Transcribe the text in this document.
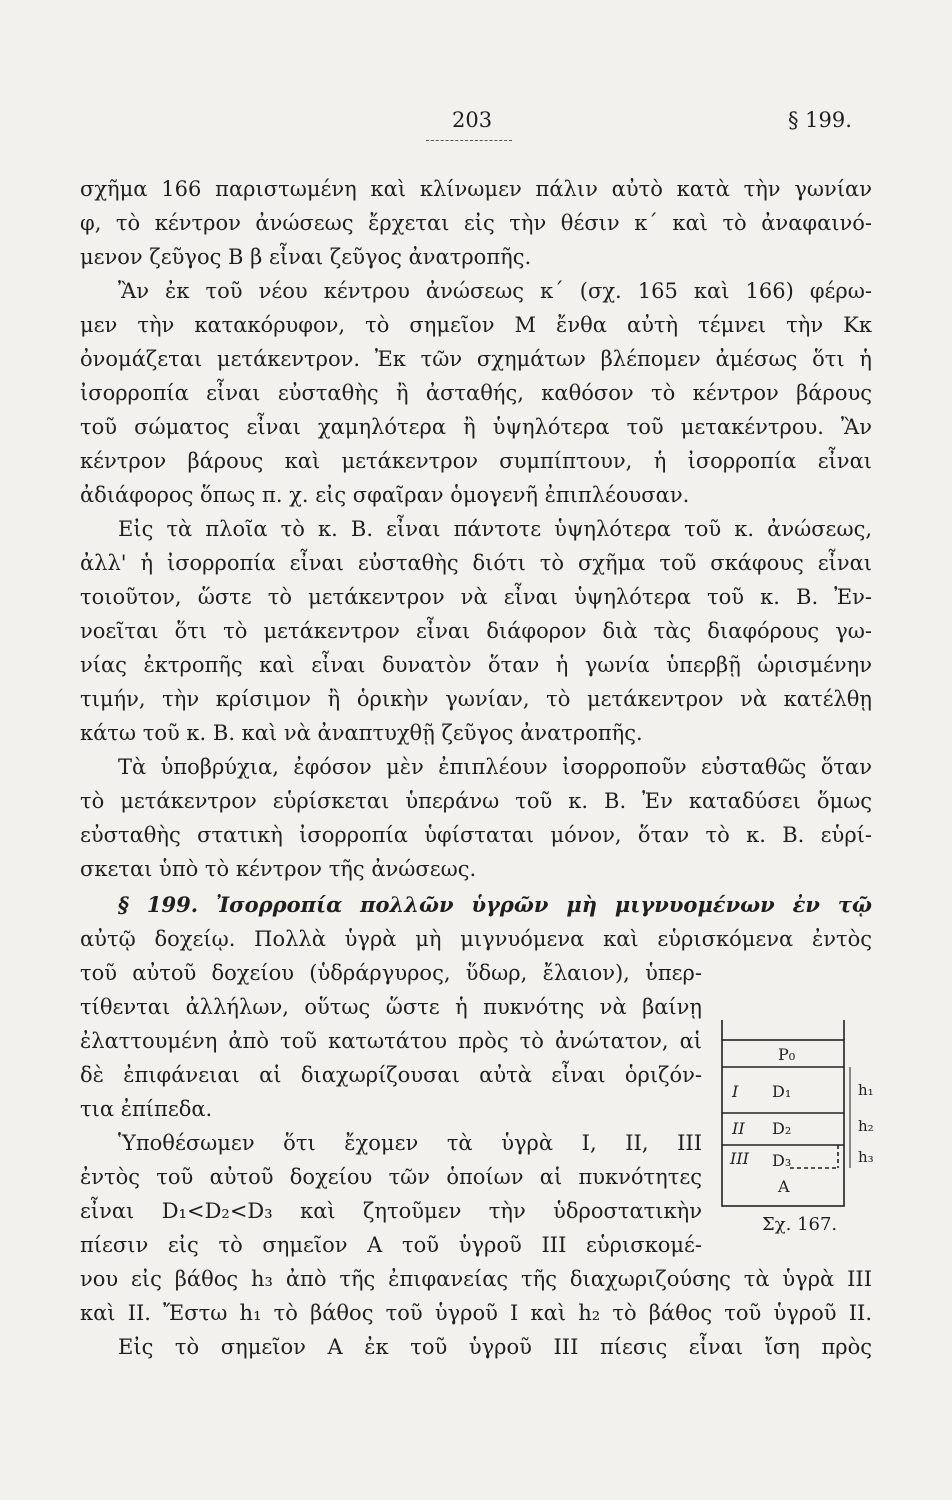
203	§ 199.
σχῆμα 166 παριστωμένη καὶ κλίνωμεν πάλιν αὐτὸ κατὰ τὴν γωνίαν
φ, τὸ κέντρον ἀνώσεως ἔρχεται εἰς τὴν θέσιν κ΄ καὶ τὸ ἀναφαινό-
μενον ζεῦγος Β β εἶναι ζεῦγος ἀνατροπῆς.
Ἂν ἐκ τοῦ νέου κέντρου ἀνώσεως κ΄ (σχ. 165 καὶ 166) φέρω-
μεν τὴν κατακόρυφον, τὸ σημεῖον Μ ἔνθα αὐτὴ τέμνει τὴν Κκ
ὀνομάζεται μετάκεντρον. Ἐκ τῶν σχημάτων βλέπομεν ἀμέσως ὅτι ἡ
ἰσορροπία εἶναι εὐσταθὴς ἢ ἀσταθής, καθόσον τὸ κέντρον βάρους
τοῦ σώματος εἶναι χαμηλότερα ἢ ὑψηλότερα τοῦ μετακέντρου. Ἂν
κέντρον βάρους καὶ μετάκεντρον συμπίπτουν, ἡ ἰσορροπία εἶναι
ἀδιάφορος ὅπως π. χ. εἰς σφαῖραν ὁμογενῆ ἐπιπλέουσαν.
Εἰς τὰ πλοῖα τὸ κ. Β. εἶναι πάντοτε ὑψηλότερα τοῦ κ. ἀνώσεως,
ἀλλ' ἡ ἰσορροπία εἶναι εὐσταθὴς διότι τὸ σχῆμα τοῦ σκάφους εἶναι
τοιοῦτον, ὥστε τὸ μετάκεντρον νὰ εἶναι ὑψηλότερα τοῦ κ. Β. Ἐν-
νοεῖται ὅτι τὸ μετάκεντρον εἶναι διάφορον διὰ τὰς διαφόρους γω-
νίας ἐκτροπῆς καὶ εἶναι δυνατὸν ὅταν ἡ γωνία ὑπερβῇ ὡρισμένην
τιμήν, τὴν κρίσιμον ἢ ὁρικὴν γωνίαν, τὸ μετάκεντρον νὰ κατέλθῃ
κάτω τοῦ κ. Β. καὶ νὰ ἀναπτυχθῇ ζεῦγος ἀνατροπῆς.
Τὰ ὑποβρύχια, ἐφόσον μὲν ἐπιπλέουν ἰσορροποῦν εὐσταθῶς ὅταν
τὸ μετάκεντρον εὑρίσκεται ὑπεράνω τοῦ κ. Β. Ἐν καταδύσει ὅμως
εὐσταθὴς στατικὴ ἰσορροπία ὑφίσταται μόνον, ὅταν τὸ κ. Β. εὑρί-
σκεται ὑπὸ τὸ κέντρον τῆς ἀνώσεως.
§ 199. Ἰσορροπία πολλῶν ὑγρῶν μὴ μιγνυομένων ἐν τῷ
αὐτῷ δοχείῳ. Πολλὰ ὑγρὰ μὴ μιγνυόμενα καὶ εὑρισκόμενα ἐντὸς
τοῦ αὐτοῦ δοχείου (ὑδράργυρος, ὕδωρ, ἔλαιον), ὑπερ-
τίθενται ἀλλήλων, οὕτως ὥστε ἡ πυκνότης νὰ βαίνῃ
ἐλαττουμένη ἀπὸ τοῦ κατωτάτου πρὸς τὸ ἀνώτατον, αἱ
δὲ ἐπιφάνειαι αἱ διαχωρίζουσαι αὐτὰ εἶναι ὁριζόν-
τια ἐπίπεδα.
Ὑποθέσωμεν ὅτι ἔχομεν τὰ ὑγρὰ Ι, ΙΙ, ΙΙΙ
ἐντὸς τοῦ αὐτοῦ δοχείου τῶν ὁποίων αἱ πυκνότητες
εἶναι D₁<D₂<D₃ καὶ ζητοῦμεν τὴν ὑδροστατικὴν
πίεσιν εἰς τὸ σημεῖον Α τοῦ ὑγροῦ ΙΙΙ εὑρισκομέ-
νου εἰς βάθος h₃ ἀπὸ τῆς ἐπιφανείας τῆς διαχωριζούσης τὰ ὑγρὰ ΙΙΙ
καὶ ΙΙ. Ἔστω h₁ τὸ βάθος τοῦ ὑγροῦ Ι καὶ h₂ τὸ βάθος τοῦ ὑγροῦ ΙΙ.
Εἰς τὸ σημεῖον Α ἐκ τοῦ ὑγροῦ ΙΙΙ πίεσις εἶναι ἴση πρὸς
P₀
I
II
III
D₁
D₂
D₃
A
h₁
h₂
h₃
Σχ. 167.
